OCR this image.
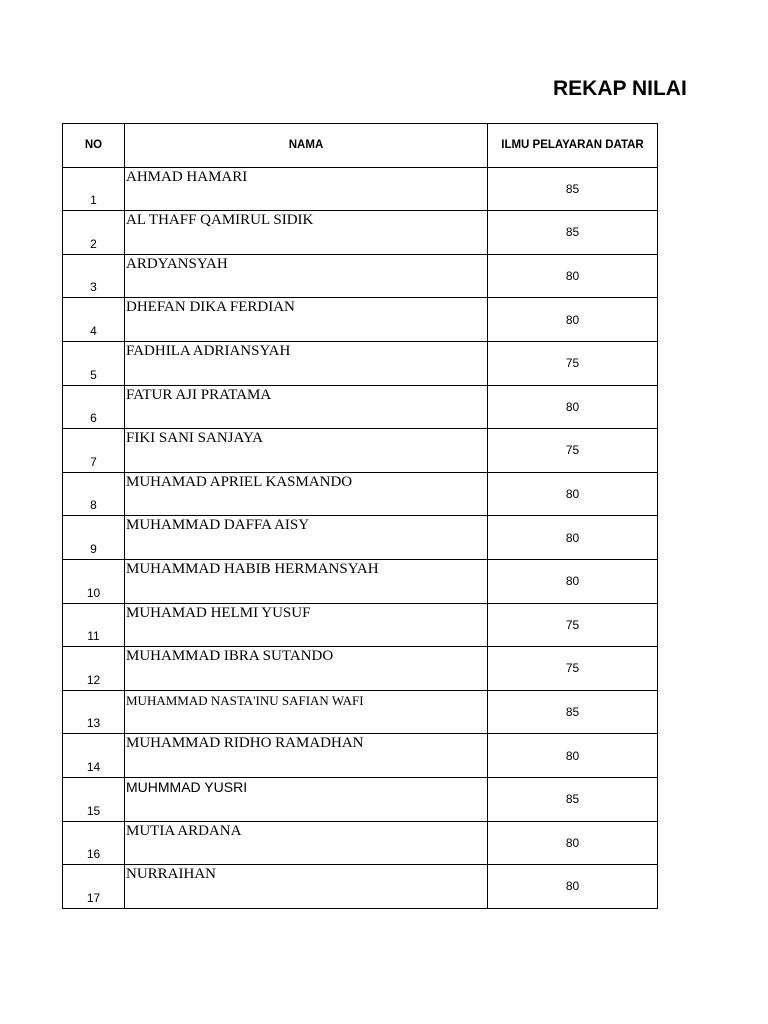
REKAP NILAI
NO	NAMA	ILMU PELAYARAN DATAR

1	AHMAD HAMARI	85

2	AL THAFF QAMIRUL SIDIK	85

3	ARDYANSYAH	80

4	DHEFAN DIKA FERDIAN	80

5	FADHILA ADRIANSYAH	75

6	FATUR AJI PRATAMA	80

7	FIKI SANI SANJAYA	75

8	MUHAMAD APRIEL KASMANDO	80

9	MUHAMMAD DAFFA AISY	80

10	MUHAMMAD HABIB HERMANSYAH	80

11	MUHAMAD HELMI YUSUF	75

12	MUHAMMAD IBRA SUTANDO	75

13	MUHAMMAD NASTA'INU SAFIAN WAFI	85

14	MUHAMMAD RIDHO RAMADHAN	80

15	MUHMMAD YUSRI	85

16	MUTIA ARDANA	80

17	NURRAIHAN	80
